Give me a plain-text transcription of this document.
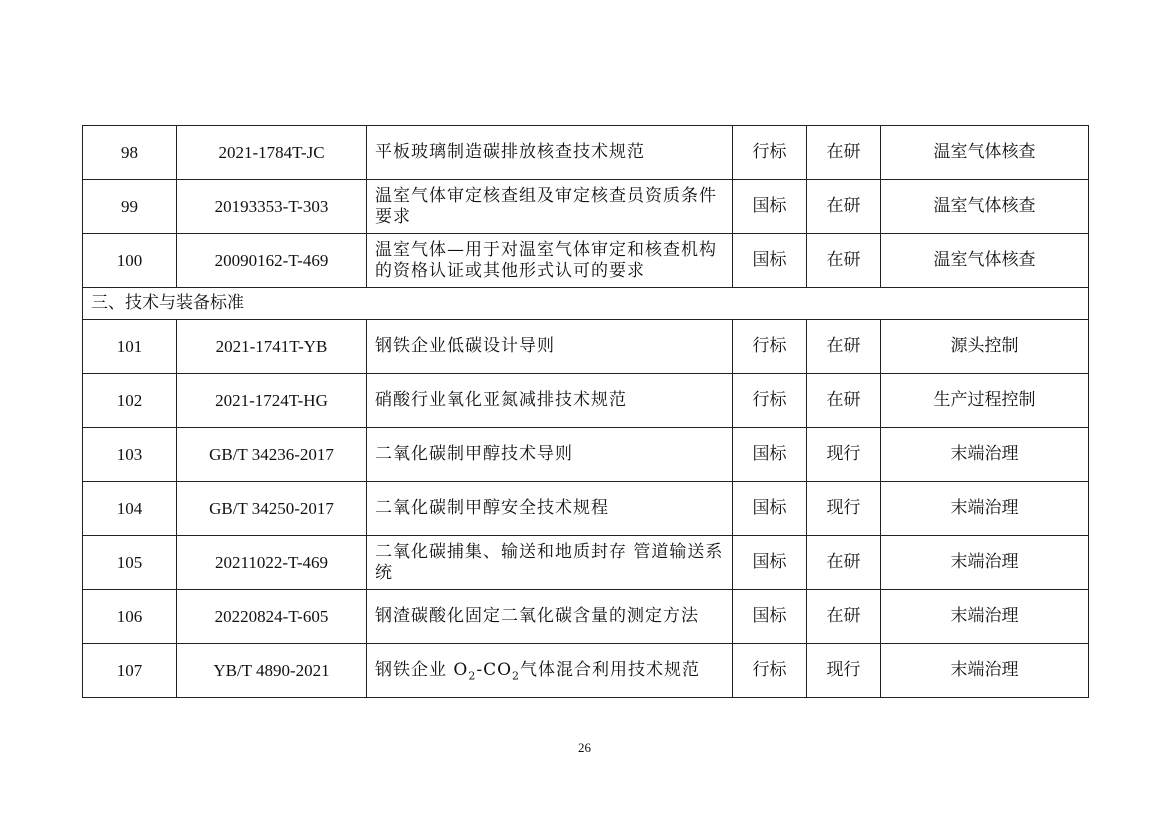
98	2021-1784T-JC	平板玻璃制造碳排放核查技术规范	行标	在研	温室气体核查
99	20193353-T-303	温室气体审定核查组及审定核查员资质条件要求	国标	在研	温室气体核查
100	20090162-T-469	温室气体—用于对温室气体审定和核查机构的资格认证或其他形式认可的要求	国标	在研	温室气体核查
三、技术与装备标准					
101	2021-1741T-YB	钢铁企业低碳设计导则	行标	在研	源头控制
102	2021-1724T-HG	硝酸行业氧化亚氮减排技术规范	行标	在研	生产过程控制
103	GB/T 34236-2017	二氧化碳制甲醇技术导则	国标	现行	末端治理
104	GB/T 34250-2017	二氧化碳制甲醇安全技术规程	国标	现行	末端治理
105	20211022-T-469	二氧化碳捕集、输送和地质封存 管道输送系统	国标	在研	末端治理
106	20220824-T-605	钢渣碳酸化固定二氧化碳含量的测定方法	国标	在研	末端治理
107	YB/T 4890-2021	钢铁企业 $O_2-CO_2$气体混合利用技术规范	行标	现行	末端治理
26
